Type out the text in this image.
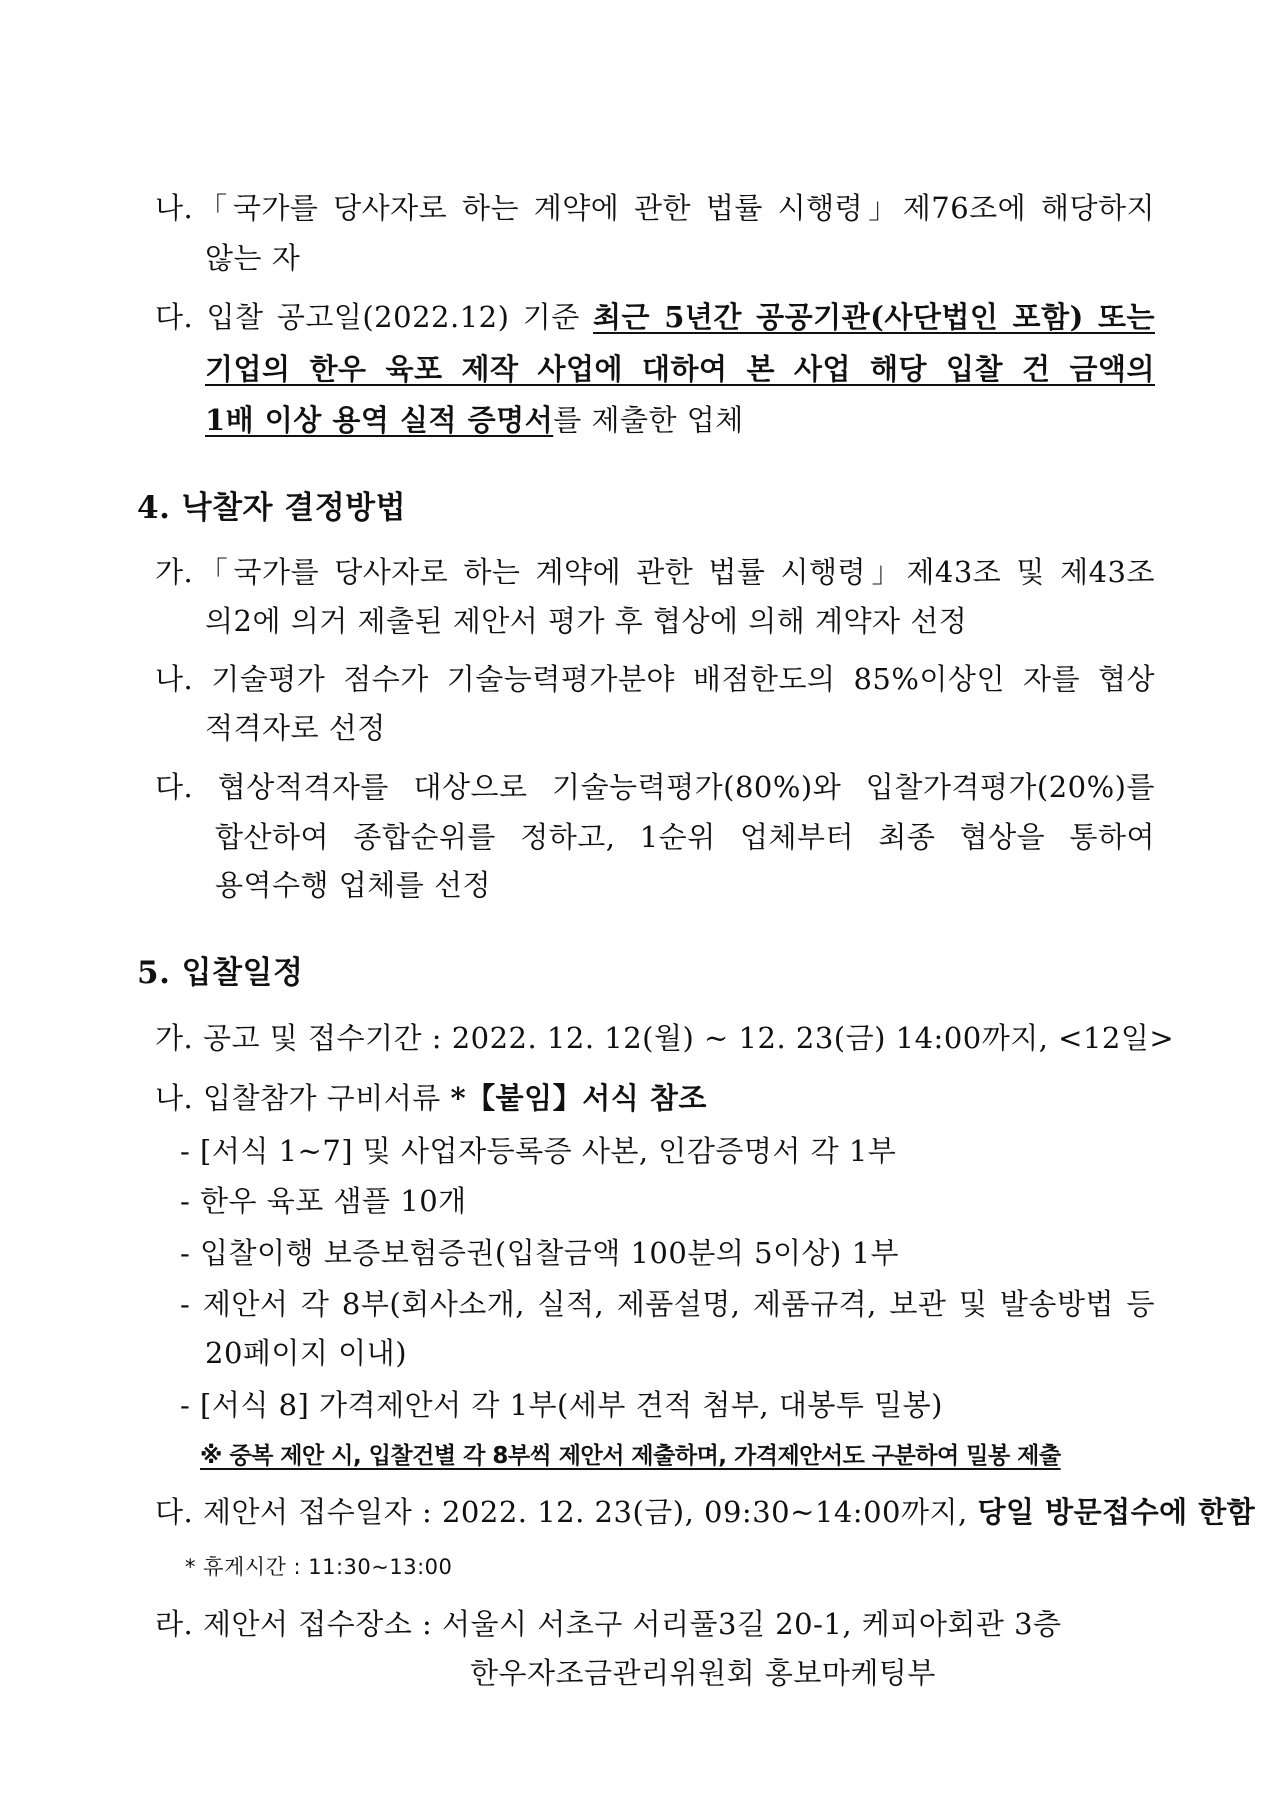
나.「국가를 당사자로 하는 계약에 관한 법률 시행령」제76조에 해당하지
않는 자
다. 입찰 공고일(2022.12) 기준 최근 5년간 공공기관(사단법인 포함) 또는
기업의 한우 육포 제작 사업에 대하여 본 사업 해당 입찰 건 금액의
1배 이상 용역 실적 증명서를 제출한 업체
4. 낙찰자 결정방법
가.「국가를 당사자로 하는 계약에 관한 법률 시행령」제43조 및 제43조
의2에 의거 제출된 제안서 평가 후 협상에 의해 계약자 선정
나. 기술평가 점수가 기술능력평가분야 배점한도의 85%이상인 자를 협상
적격자로 선정
다. 협상적격자를 대상으로 기술능력평가(80%)와 입찰가격평가(20%)를
합산하여 종합순위를 정하고, 1순위 업체부터 최종 협상을 통하여
용역수행 업체를 선정
5. 입찰일정
가. 공고 및 접수기간 : 2022. 12. 12(월) ~ 12. 23(금) 14:00까지, <12일>
나. 입찰참가 구비서류 *【붙임】서식 참조
- [서식 1~7] 및 사업자등록증 사본, 인감증명서 각 1부
- 한우 육포 샘플 10개
- 입찰이행 보증보험증권(입찰금액 100분의 5이상) 1부
- 제안서 각 8부(회사소개, 실적, 제품설명, 제품규격, 보관 및 발송방법 등
20페이지 이내)
- [서식 8] 가격제안서 각 1부(세부 견적 첨부, 대봉투 밀봉)
※ 중복 제안 시, 입찰건별 각 8부씩 제안서 제출하며, 가격제안서도 구분하여 밀봉 제출
다. 제안서 접수일자 : 2022. 12. 23(금), 09:30~14:00까지, 당일 방문접수에 한함
* 휴게시간 : 11:30~13:00
라. 제안서 접수장소 : 서울시 서초구 서리풀3길 20-1, 케피아회관 3층
한우자조금관리위원회 홍보마케팅부
